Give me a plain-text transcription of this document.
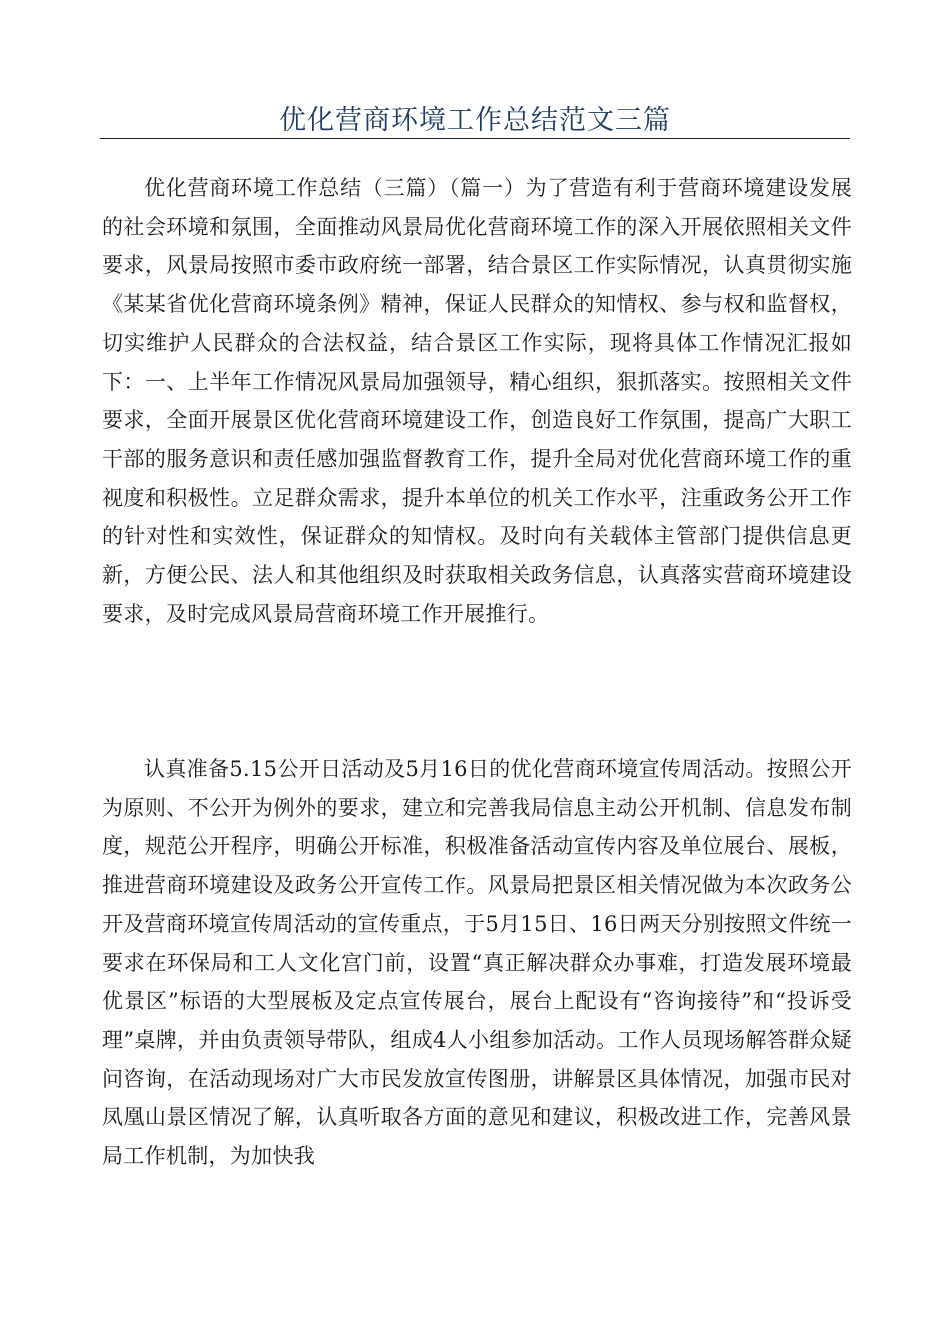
优化营商环境工作总结范文三篇

优化营商环境工作总结（三篇）（篇一）为了营造有利于营商环境建设发展的社会环境和氛围，全面推动风景局优化营商环境工作的深入开展依照相关文件要求，风景局按照市委市政府统一部署，结合景区工作实际情况，认真贯彻实施《某某省优化营商环境条例》精神，保证人民群众的知情权、参与权和监督权，切实维护人民群众的合法权益，结合景区工作实际，现将具体工作情况汇报如下：一、上半年工作情况风景局加强领导，精心组织，狠抓落实。按照相关文件要求，全面开展景区优化营商环境建设工作，创造良好工作氛围，提高广大职工干部的服务意识和责任感加强监督教育工作，提升全局对优化营商环境工作的重视度和积极性。立足群众需求，提升本单位的机关工作水平，注重政务公开工作的针对性和实效性，保证群众的知情权。及时向有关载体主管部门提供信息更新，方便公民、法人和其他组织及时获取相关政务信息，认真落实营商环境建设要求，及时完成风景局营商环境工作开展推行。

认真准备5.15公开日活动及5月16日的优化营商环境宣传周活动。按照公开为原则、不公开为例外的要求，建立和完善我局信息主动公开机制、信息发布制度，规范公开程序，明确公开标准，积极准备活动宣传内容及单位展台、展板，推进营商环境建设及政务公开宣传工作。风景局把景区相关情况做为本次政务公开及营商环境宣传周活动的宣传重点，于5月15日、16日两天分别按照文件统一要求在环保局和工人文化宫门前，设置“真正解决群众办事难，打造发展环境最优景区”标语的大型展板及定点宣传展台，展台上配设有“咨询接待”和“投诉受理”桌牌，并由负责领导带队，组成4人小组参加活动。工作人员现场解答群众疑问咨询，在活动现场对广大市民发放宣传图册，讲解景区具体情况，加强市民对凤凰山景区情况了解，认真听取各方面的意见和建议，积极改进工作，完善风景局工作机制，为加快我
